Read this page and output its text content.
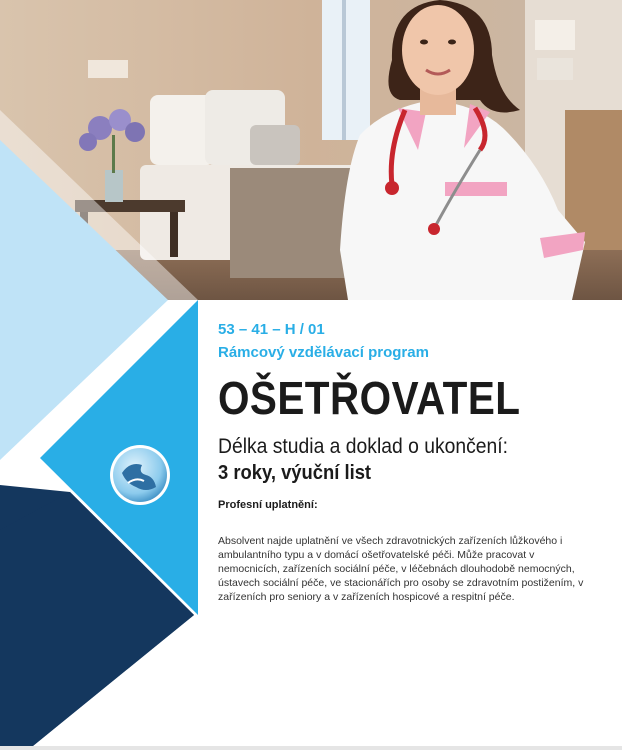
53 – 41 – H / 01

Rámcový vzdělávací program

OŠETŘOVATEL

Délka studia a doklad o ukončení:

3 roky, výuční list

Profesní uplatnění:

Absolvent najde uplatnění ve všech zdravotnických zařízeních lůžkového i ambulantního typu a v domácí ošetřovatelské péči. Může pracovat v nemocnicích, zařízeních sociální péče, v léčebnách dlouhodobě nemocných, ústavech sociální péče, ve stacionářích pro osoby se zdravotním postižením, v zařízeních pro seniory a v zařízeních hospicové a respitní péče.
